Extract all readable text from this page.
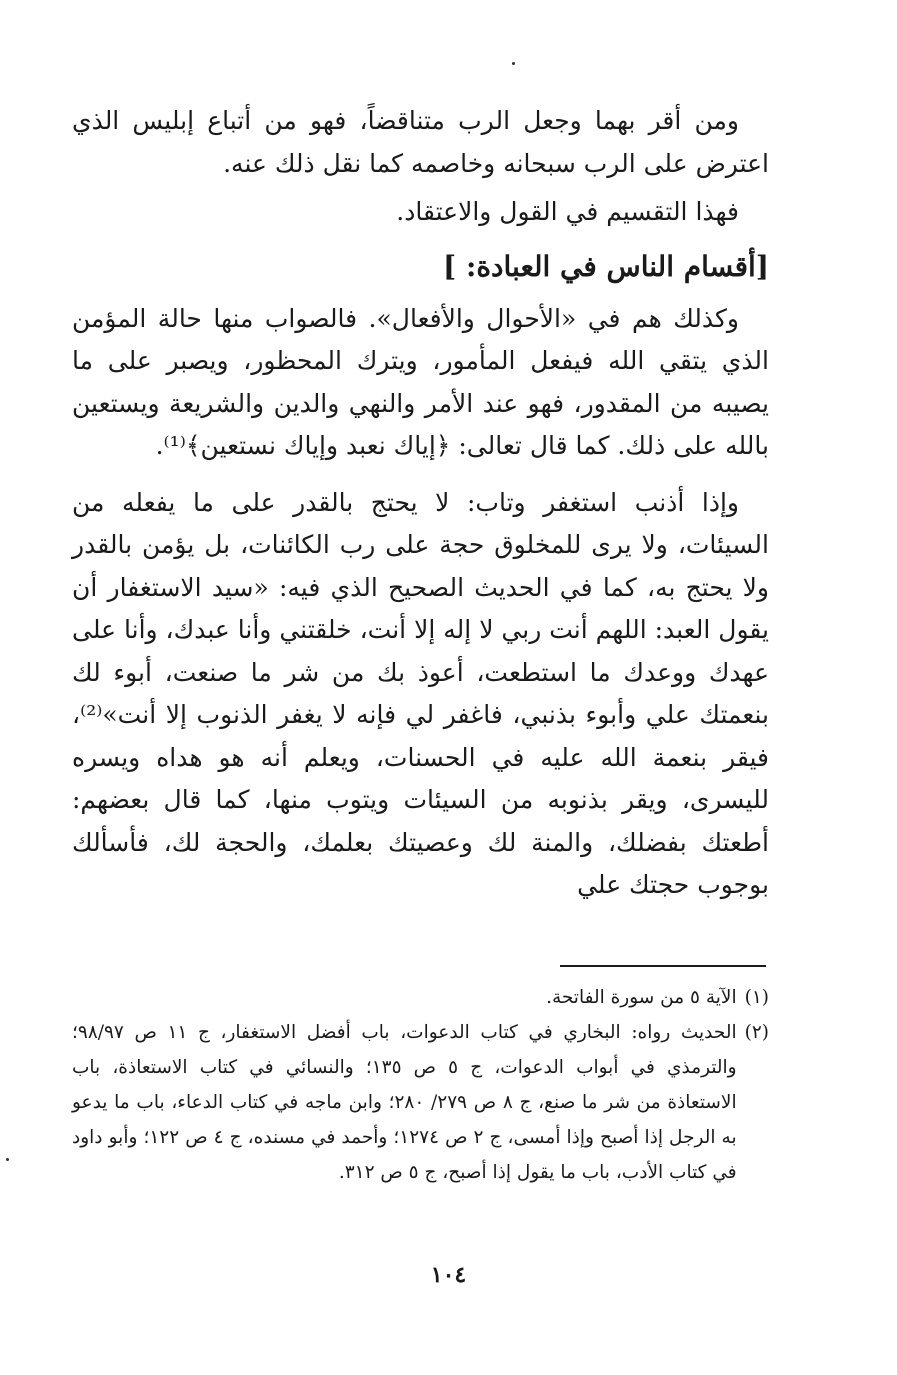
ومن أقر بهما وجعل الرب متناقضاً، فهو من أتباع إبليس الذي اعترض على الرب سبحانه وخاصمه كما نقل ذلك عنه.

فهذا التقسيم في القول والاعتقاد.

[أقسام الناس في العبادة: ]

وكذلك هم في «الأحوال والأفعال». فالصواب منها حالة المؤمن الذي يتقي الله فيفعل المأمور، ويترك المحظور، ويصبر على ما يصيبه من المقدور، فهو عند الأمر والنهي والدين والشريعة ويستعين بالله على ذلك. كما قال تعالى: ﴿إياك نعبد وإياك نستعين﴾⁽¹⁾.

وإذا أذنب استغفر وتاب: لا يحتج بالقدر على ما يفعله من السيئات، ولا يرى للمخلوق حجة على رب الكائنات، بل يؤمن بالقدر ولا يحتج به، كما في الحديث الصحيح الذي فيه: «سيد الاستغفار أن يقول العبد: اللهم أنت ربي لا إله إلا أنت، خلقتني وأنا عبدك، وأنا على عهدك ووعدك ما استطعت، أعوذ بك من شر ما صنعت، أبوء لك بنعمتك علي وأبوء بذنبي، فاغفر لي فإنه لا يغفر الذنوب إلا أنت»⁽²⁾، فيقر بنعمة الله عليه في الحسنات، ويعلم أنه هو هداه ويسره لليسرى، ويقر بذنوبه من السيئات ويتوب منها، كما قال بعضهم: أطعتك بفضلك، والمنة لك وعصيتك بعلمك، والحجة لك، فأسألك بوجوب حجتك علي

(١)
الآية ٥ من سورة الفاتحة.
(٢)
الحديث رواه: البخاري في كتاب الدعوات، باب أفضل الاستغفار، ج ١١ ص ٩٨/٩٧؛ والترمذي في أبواب الدعوات، ج ٥ ص ١٣٥؛ والنسائي في كتاب الاستعاذة، باب الاستعاذة من شر ما صنع، ج ٨ ص ٢٧٩/ ٢٨٠؛ وابن ماجه في كتاب الدعاء، باب ما يدعو به الرجل إذا أصبح وإذا أمسى، ج ٢ ص ١٢٧٤؛ وأحمد في مسنده، ج ٤ ص ١٢٢؛ وأبو داود في كتاب الأدب، باب ما يقول إذا أصبح، ج ٥ ص ٣١٢.
١٠٤
